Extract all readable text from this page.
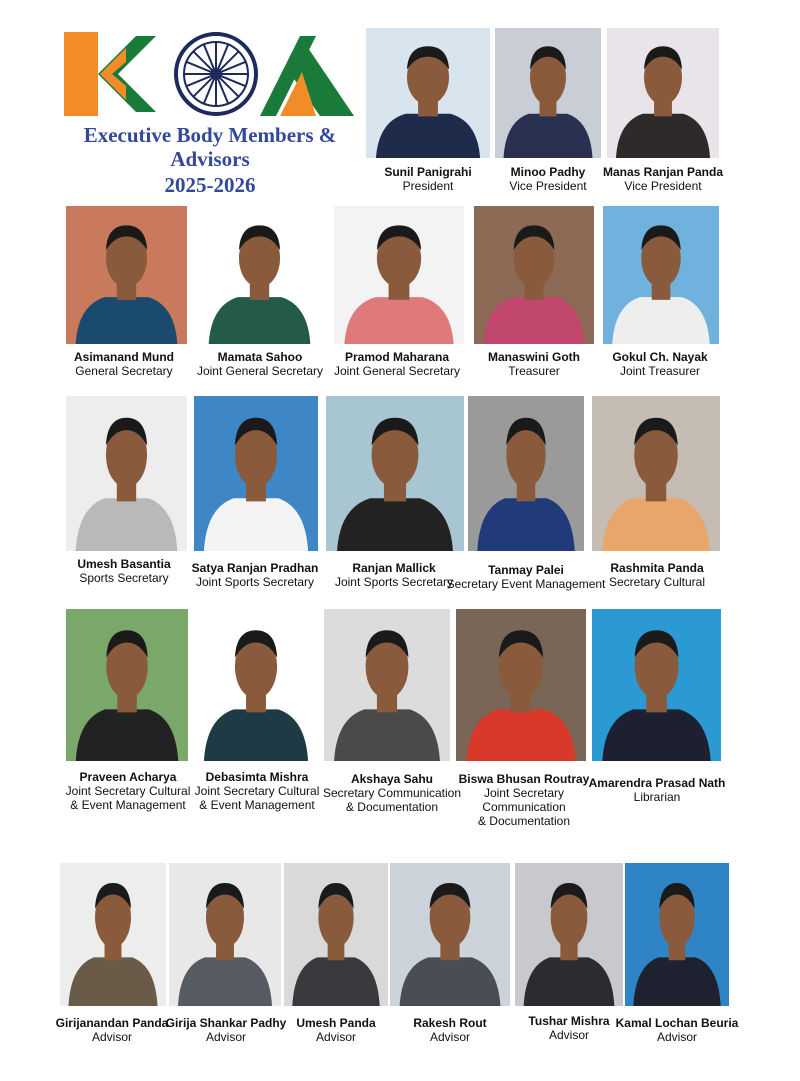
Executive Body Members &
Advisors
2025-2026
Sunil Panigrahi
President
Minoo Padhy
Vice President
Manas Ranjan Panda
Vice President
Asimanand Mund
General Secretary
Mamata Sahoo
Joint General Secretary
Pramod Maharana
Joint General Secretary
Manaswini Goth
Treasurer
Gokul Ch. Nayak
Joint Treasurer
Umesh Basantia
Sports Secretary
Satya Ranjan Pradhan
Joint Sports Secretary
Ranjan Mallick
Joint Sports Secretary
Tanmay Palei
Secretary Event Management
Rashmita Panda
Secretary Cultural
Praveen Acharya
Joint Secretary Cultural
& Event Management
Debasimta Mishra
Joint Secretary Cultural
& Event Management
Akshaya Sahu
Secretary Communication
& Documentation
Biswa Bhusan Routray
Joint Secretary
Communication
& Documentation
Amarendra Prasad Nath
Librarian
Girijanandan Panda
Advisor
Girija Shankar Padhy
Advisor
Umesh Panda
Advisor
Rakesh Rout
Advisor
Tushar Mishra
Advisor
Kamal Lochan Beuria
Advisor
